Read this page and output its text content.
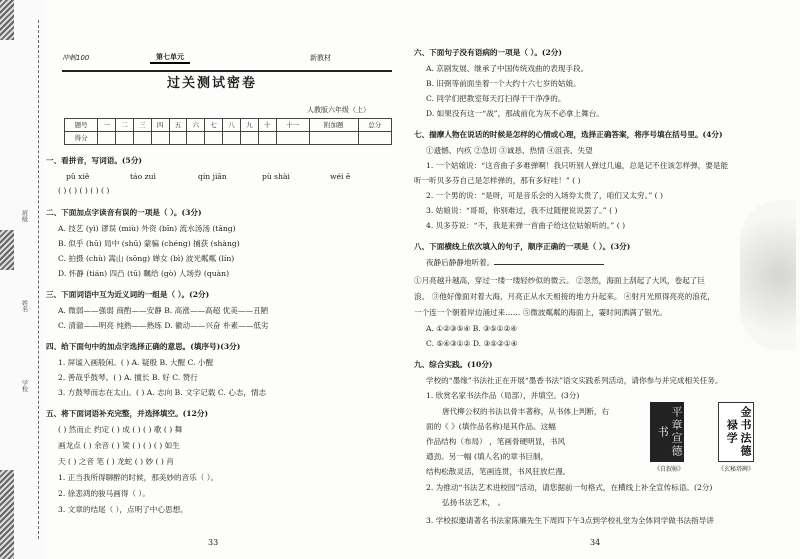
班级
姓名
学校
冲刺100	第七单元	新教材
过关测试密卷
人教版六年级（上）
题号	一	二	三	四	五	六	七	八	九	十	十一	附加题	总分
得分													
一、看拼音，写词语。(5分)
pǔ xiě	táo zuì	qín jiān	pù shài	wéi ē
( ) ( ) ( ) ( ) ( )
二、下面加点字读音有误的一项是（ ）。(3分)
A. 技艺 (yì) 谬误 (miù) 外资 (bīn) 流水汤汤 (tāng)
B. 似乎 (hū) 局中 (shū) 蒙骗 (chéng) 捕获 (shàng)
C. 拍摄 (chù) 嵩山 (sōng) 婵女 (bì) 波光粼粼 (lín)
D. 怀静 (tián) 四凸 (tū) 瞩给 (gò) 人场券 (quàn)
三、下面词语中互为近义词的一组是（ ）。(2分)
A. 微弱——强弱 商酌——安静 B. 高涨——高超 优美——丑陋
C. 清澈——明亮 纯熟——熟练 D. 徽动——兴奋 朴素——低劣
四、给下面句中的加点字选择正确的意思。(填序号)(3分)
1. 屏谧入画般闲。( ) A. 疑殷 B. 大醒 C. 小醒
2. 善哉乎鼓琴。( ) A. 擅长 B. 好 C. 赞行
3. 方鼓琴而志在太山。( ) A. 志向 B. 文字记载 C. 心志，情志
五、将下面词语补充完整，并选择填空。(12分)
( ) 然而止 约定 ( ) 成 ( ) ( ) 歌 ( ) 舞
画龙点 ( ) 余音 ( ) 梁 ( ) ( ) ( ) 如生
天 ( ) 之音 笔 ( ) 龙蛇 ( ) 妙 ( ) 肖
1. 正当我所得聊醉的时候，那美妙的音乐（ ）。
2. 徐悲鸿的骏马画得（ ）。
3. 文章的结尾（ ），点明了中心思想。
33
六、下面句子没有语病的一项是（ ）。(2分)
A. 京剧发展、继承了中国传统戏曲的表现手段。
B. 旧弼等前面坐着一个大约十六七岁的姑娘。
C. 同学们把教室每天打扫得干干净净的。
D. 如果没有这一“战”，那战前化为灰不必拿上舞台。
七、揣摩人物在说话的时候是怎样的心情或心理，选择正确答案，将序号填在括号里。(4分)
①遗憾、内疚 ②急切 ③诚恳、热情 ④沮丧、失望
1. 一个姑娘说：“这音曲子多难弹啊！我只听别人弹过几遍，总是记不住该怎样弹，要是能
听一听贝多芬自己是怎样弹的，那有多好哇！” ( )
2. 一个男的说：“是呀，可是音乐会的入场券太贵了，咱们又太穷。” ( )
3. 姑娘说：“哥哥，你别难过，我不过随便说说罢了。” ( )
4. 贝多芬说：“不，我是来弹一首曲子给这位姑娘听的。” ( )
八、下面横线上依次填入的句子，顺序正确的一项是（ ）。(3分)
夜静后静静地听着。
①月亮越升越高，穿过一缕一缕轻纱似的微云。 ②忽然，海面上刮起了大风，卷起了巨
浪。 ③他好像面对着大海，月亮正从水天相接的地方升起来。 ④射月光照得亮亮的浪花，
一个连一个朝着岸边涌过来…… ⑤微波粼粼的海面上，霎时间洒满了银光。
A. ①②③⑤④ B. ③⑤①②④
C. ⑤④③①② D. ③⑤②①④
九、综合实践。(10分)
学校的“墨缘”书法社正在开展“墨香书法”语文实践系列活动，请你参与并完成相关任务。
1. 欣赏名家书法作品（局部），并填空。(3分)
唐代柳公权的书法以骨丰著称，从书体上判断，右
面的《 》(填作品名称)是其作品。这幅
作品结构（布局） ，笔画骨硬明显，书风
遒劲。另一幅 (填人名)的章书巨制，
结构松散灵活，笔画连贯，书风狂放烂漫。
平章宣德书	金书法德禄学
《自叙帖》	《玄秘塔碑》
2. 为推动“书法艺术进校园”活动，请您据前一句格式，在横线上补全宣传标语。(2分)
弘扬书法艺术， 。
3. 学校拟邀请著名书法家陈廉先生下周四下午3点到学校礼堂为全体同学做书法指导讲
34
